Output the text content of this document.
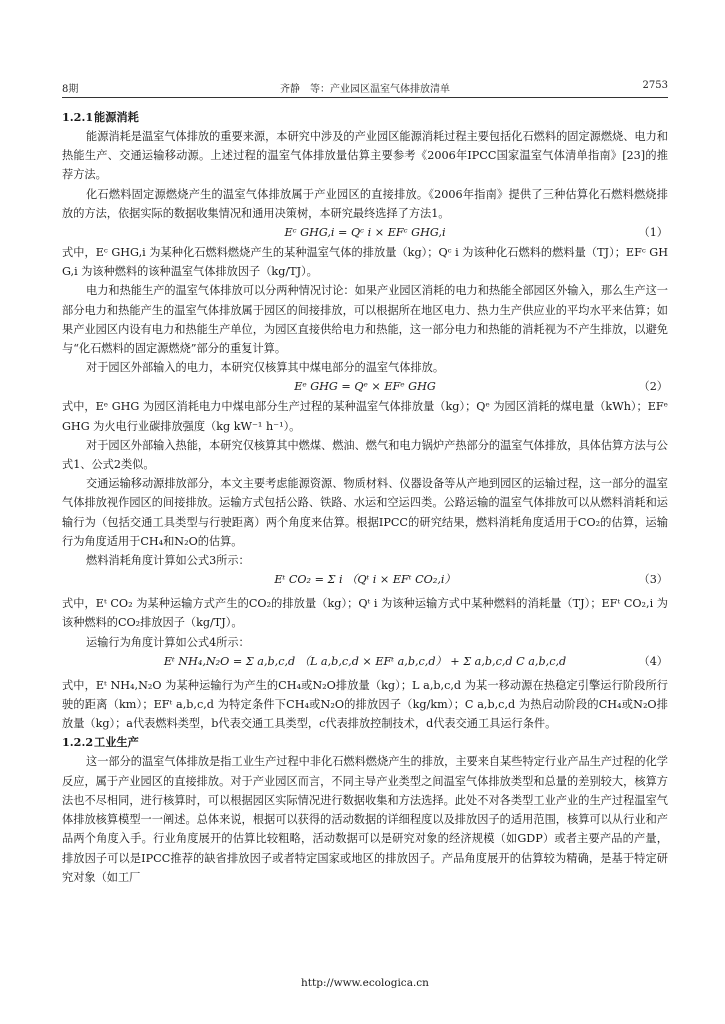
8期	齐静　等：产业园区温室气体排放清单	2753

1.2.1能源消耗

能源消耗是温室气体排放的重要来源，本研究中涉及的产业园区能源消耗过程主要包括化石燃料的固定源燃烧、电力和热能生产、交通运输移动源。上述过程的温室气体排放量估算主要参考《2006年IPCC国家温室气体清单指南》[23]的推荐方法。

化石燃料固定源燃烧产生的温室气体排放属于产业园区的直接排放。《2006年指南》提供了三种估算化石燃料燃烧排放的方法，依据实际的数据收集情况和通用决策树，本研究最终选择了方法1。

Eᶜ GHG,i = Qᶜ i × EFᶜ GHG,i	（1）

式中，Eᶜ GHG,i 为某种化石燃料燃烧产生的某种温室气体的排放量（kg）；Qᶜ i 为该种化石燃料的燃料量（TJ）；EFᶜ GHG,i 为该种燃料的该种温室气体排放因子（kg/TJ）。

电力和热能生产的温室气体排放可以分两种情况讨论：如果产业园区消耗的电力和热能全部园区外输入，那么生产这一部分电力和热能产生的温室气体排放属于园区的间接排放，可以根据所在地区电力、热力生产供应业的平均水平来估算；如果产业园区内设有电力和热能生产单位，为园区直接供给电力和热能，这一部分电力和热能的消耗视为不产生排放，以避免与“化石燃料的固定源燃烧”部分的重复计算。

对于园区外部输入的电力，本研究仅核算其中煤电部分的温室气体排放。

Eᵉ GHG = Qᵉ × EFᵉ GHG	（2）

式中，Eᵉ GHG 为园区消耗电力中煤电部分生产过程的某种温室气体排放量（kg）；Qᵉ 为园区消耗的煤电量（kWh）；EFᵉ GHG 为火电行业碳排放强度（kg kW⁻¹ h⁻¹）。

对于园区外部输入热能，本研究仅核算其中燃煤、燃油、燃气和电力锅炉产热部分的温室气体排放，具体估算方法与公式1、公式2类似。

交通运输移动源排放部分，本文主要考虑能源资源、物质材料、仪器设备等从产地到园区的运输过程，这一部分的温室气体排放视作园区的间接排放。运输方式包括公路、铁路、水运和空运四类。公路运输的温室气体排放可以从燃料消耗和运输行为（包括交通工具类型与行驶距离）两个角度来估算。根据IPCC的研究结果，燃料消耗角度适用于CO₂的估算，运输行为角度适用于CH₄和N₂O的估算。

燃料消耗角度计算如公式3所示：

Eᵗ CO₂ = Σ i （Qᵗ i × EFᵗ CO₂,i）	（3）

式中，Eᵗ CO₂ 为某种运输方式产生的CO₂的排放量（kg）；Qᵗ i 为该种运输方式中某种燃料的消耗量（TJ）；EFᵗ CO₂,i 为该种燃料的CO₂排放因子（kg/TJ）。

运输行为角度计算如公式4所示：

Eᵗ NH₄,N₂O = Σ a,b,c,d （L a,b,c,d × EFᵗ a,b,c,d） + Σ a,b,c,d C a,b,c,d	（4）

式中，Eᵗ NH₄,N₂O 为某种运输行为产生的CH₄或N₂O排放量（kg）；L a,b,c,d 为某一移动源在热稳定引擎运行阶段所行驶的距离（km）；EFᵗ a,b,c,d 为特定条件下CH₄或N₂O的排放因子（kg/km）；C a,b,c,d 为热启动阶段的CH₄或N₂O排放量（kg）；a代表燃料类型，b代表交通工具类型，c代表排放控制技术，d代表交通工具运行条件。

1.2.2工业生产

这一部分的温室气体排放是指工业生产过程中非化石燃料燃烧产生的排放，主要来自某些特定行业产品生产过程的化学反应，属于产业园区的直接排放。对于产业园区而言，不同主导产业类型之间温室气体排放类型和总量的差别较大，核算方法也不尽相同，进行核算时，可以根据园区实际情况进行数据收集和方法选择。此处不对各类型工业产业的生产过程温室气体排放核算模型一一阐述。总体来说，根据可以获得的活动数据的详细程度以及排放因子的适用范围，核算可以从行业和产品两个角度入手。行业角度展开的估算比较粗略，活动数据可以是研究对象的经济规模（如GDP）或者主要产品的产量，排放因子可以是IPCC推荐的缺省排放因子或者特定国家或地区的排放因子。产品角度展开的估算较为精确，是基于特定研究对象（如工厂

http://www.ecologica.cn
